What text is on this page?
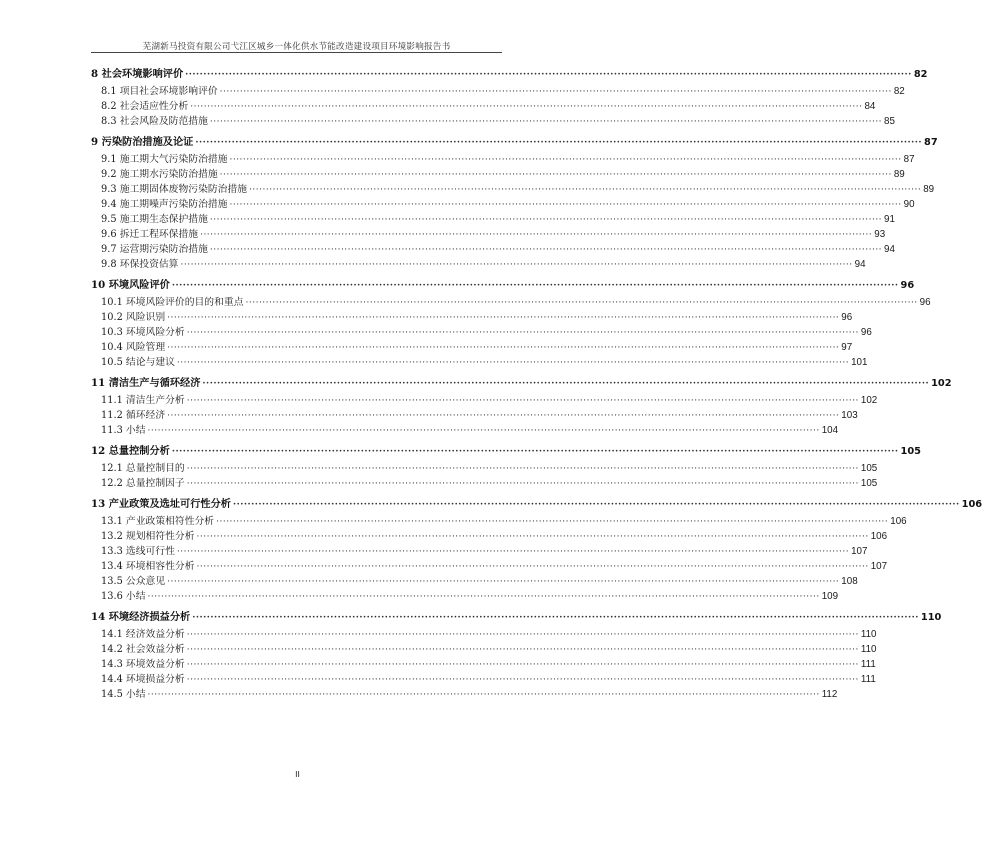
芜湖新马投资有限公司弋江区城乡一体化供水节能改造建设项目环境影响报告书
8 社会环境影响评价 ········································································································································································································ 82
8.1 项目社会环境影响评价 ········································································································································································································ 82
8.2 社会适应性分析 ········································································································································································································ 84
8.3 社会风险及防范措施 ········································································································································································································ 85
9 污染防治措施及论证 ········································································································································································································ 87
9.1 施工期大气污染防治措施 ········································································································································································································ 87
9.2 施工期水污染防治措施 ········································································································································································································ 89
9.3 施工期固体废物污染防治措施 ········································································································································································································ 89
9.4 施工期噪声污染防治措施 ········································································································································································································ 90
9.5 施工期生态保护措施 ········································································································································································································ 91
9.6 拆迁工程环保措施 ········································································································································································································ 93
9.7 运营期污染防治措施 ········································································································································································································ 94
9.8 环保投资估算 ········································································································································································································ 94
10 环境风险评价 ········································································································································································································ 96
10.1 环境风险评价的目的和重点 ········································································································································································································ 96
10.2 风险识别 ········································································································································································································ 96
10.3 环境风险分析 ········································································································································································································ 96
10.4 风险管理 ········································································································································································································ 97
10.5 结论与建议 ········································································································································································································ 101
11 清洁生产与循环经济 ········································································································································································································ 102
11.1 清洁生产分析 ········································································································································································································ 102
11.2 循环经济 ········································································································································································································ 103
11.3 小结 ········································································································································································································ 104
12 总量控制分析 ········································································································································································································ 105
12.1 总量控制目的 ········································································································································································································ 105
12.2 总量控制因子 ········································································································································································································ 105
13 产业政策及选址可行性分析 ········································································································································································································ 106
13.1 产业政策相符性分析 ········································································································································································································ 106
13.2 规划相符性分析 ········································································································································································································ 106
13.3 选线可行性 ········································································································································································································ 107
13.4 环境相容性分析 ········································································································································································································ 107
13.5 公众意见 ········································································································································································································ 108
13.6 小结 ········································································································································································································ 109
14 环境经济损益分析 ········································································································································································································ 110
14.1 经济效益分析 ········································································································································································································ 110
14.2 社会效益分析 ········································································································································································································ 110
14.3 环境效益分析 ········································································································································································································ 111
14.4 环境损益分析 ········································································································································································································ 111
14.5 小结 ········································································································································································································ 112
II
